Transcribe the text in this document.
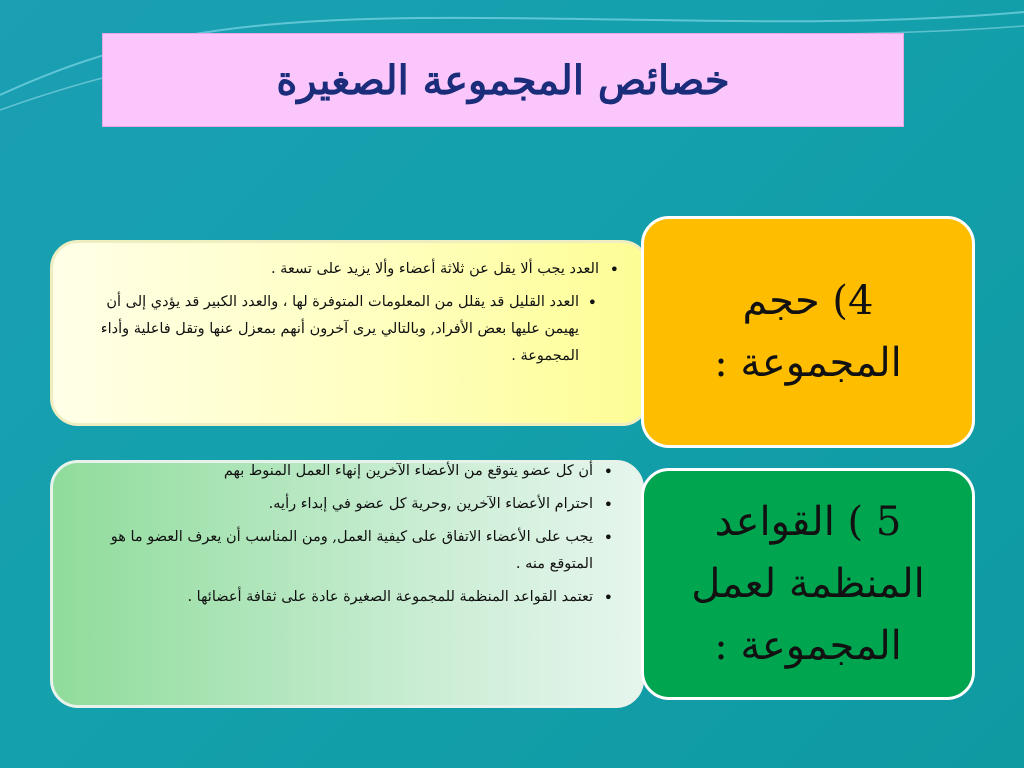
خصائص المجموعة الصغيرة
•
العدد يجب ألا يقل عن ثلاثة أعضاء وألا يزيد على تسعة .
•
العدد القليل قد يقلل من المعلومات المتوفرة لها ، والعدد الكبير قد يؤدي إلى أن يهيمن عليها بعض الأفراد, وبالتالي يرى آخرون أنهم بمعزل عنها وتقل فاعلية وأداء المجموعة .
•
أن كل عضو يتوقع من الأعضاء الآخرين إنهاء العمل المنوط بهم
•
احترام الأعضاء الآخرين ,وحرية كل عضو في إبداء رأيه.
•
يجب على الأعضاء الاتفاق على كيفية العمل, ومن المناسب أن يعرف العضو ما هو المتوقع منه .
•
تعتمد القواعد المنظمة للمجموعة الصغيرة عادة على ثقافة أعضائها .
4) حجم المجموعة :
5 ) القواعد المنظمة لعمل المجموعة :
